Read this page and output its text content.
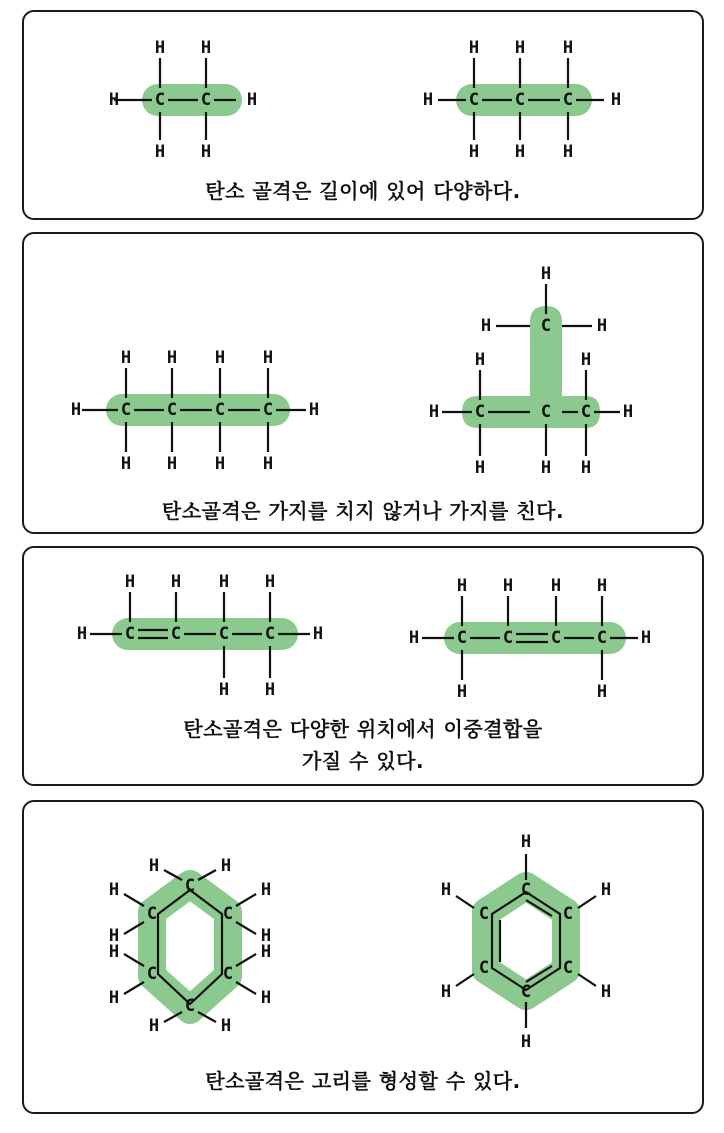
C C
H	H
H H
H H
C C C
H	H
H H H
H H H
탄소 골격은 길이에 있어 다양하다.
C C C C
H	H
H H H H
H H H H
C
C	C C
H
H	H
H	H
H	H
H	H H
탄소골격은 가지를 치지 않거나 가지를 친다.
C C C C
H	H
H H H H
H H
C C C C
H	H
H H H H
H	H
탄소골격은 다양한 위치에서 이중결합을
가질 수 있다.
C
C
C
C
C
C
H	H
H
H
H
H
H	H
H
H
H
H
C
C
C
C
C
C
H
H
H
H
H
H
탄소골격은 고리를 형성할 수 있다.
